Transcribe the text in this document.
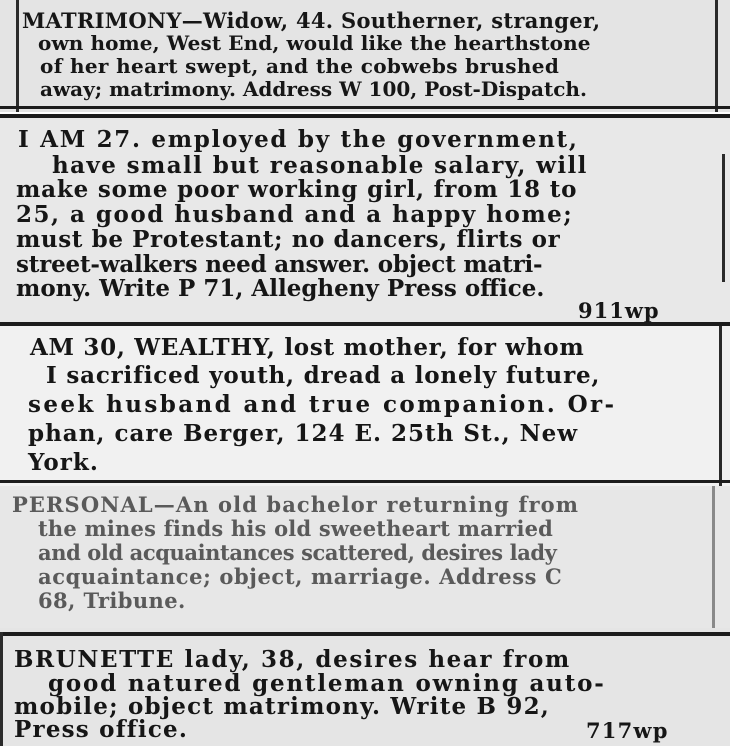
MATRIMONY—Widow, 44. Southerner, stranger,
own home, West End, would like the hearthstone
of her heart swept, and the cobwebs brushed
away; matrimony. Address W 100, Post-Dispatch.
I AM 27. employed by the government,
have small but reasonable salary, will
make some poor working girl, from 18 to
25, a good husband and a happy home;
must be Protestant; no dancers, flirts or
street-walkers need answer. object matri-
mony. Write P 71, Allegheny Press office.
911wp
AM 30, WEALTHY, lost mother, for whom
I sacrificed youth, dread a lonely future,
seek husband and true companion. Or-
phan, care Berger, 124 E. 25th St., New
York.
PERSONAL—An old bachelor returning from
the mines finds his old sweetheart married
and old acquaintances scattered, desires lady
acquaintance; object, marriage. Address C
68, Tribune.
BRUNETTE lady, 38, desires hear from
good natured gentleman owning auto-
mobile; object matrimony. Write B 92,
Press office.	717wp
